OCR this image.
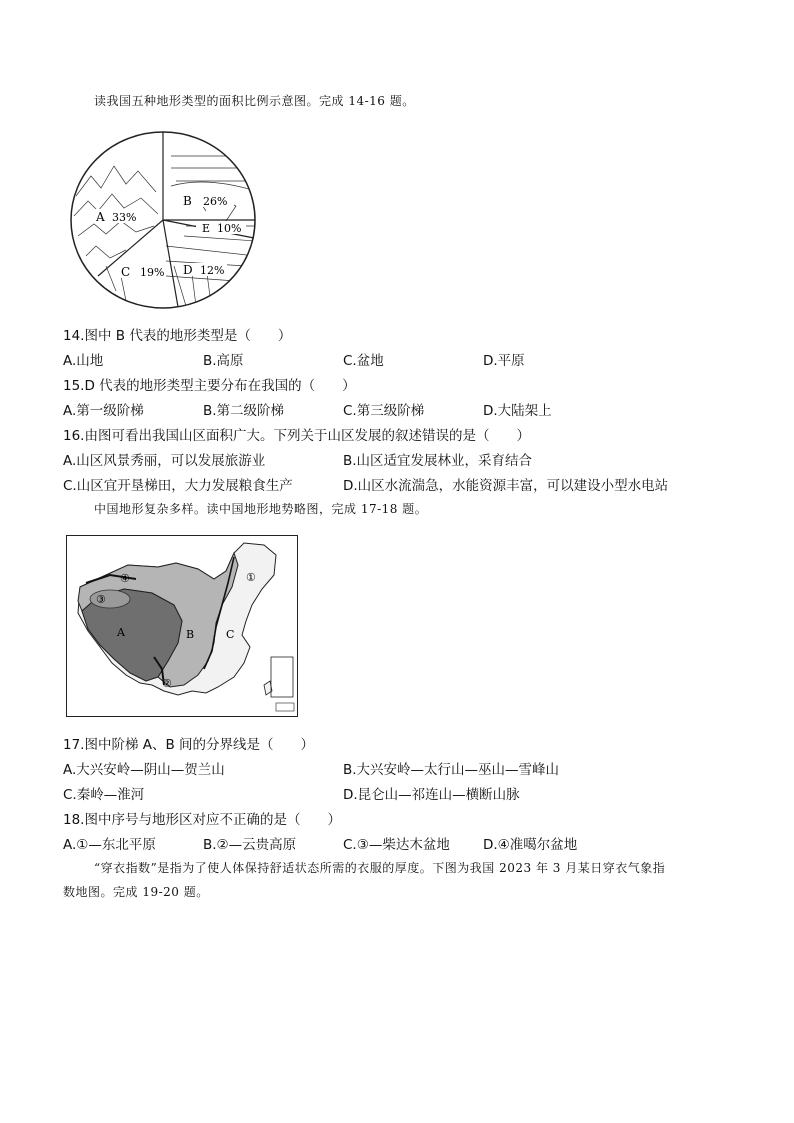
读我国五种地形类型的面积比例示意图。完成 14-16 题。
A 33%
B 26%
E 10%
C 19% D 12%
14.图中 B 代表的地形类型是（　　）
A.山地	B.高原	C.盆地	D.平原
15.D 代表的地形类型主要分布在我国的（　　）
A.第一级阶梯	B.第二级阶梯	C.第三级阶梯	D.大陆架上
16.由图可看出我国山区面积广大。下列关于山区发展的叙述错误的是（　　）
A.山区风景秀丽，可以发展旅游业	B.山区适宜发展林业，采育结合
C.山区宜开垦梯田，大力发展粮食生产	D.山区水流湍急，水能资源丰富，可以建设小型水电站
中国地形复杂多样。读中国地形地势略图，完成 17-18 题。
A	B	C
①
②
③
④
17.图中阶梯 A、B 间的分界线是（　　）
A.大兴安岭—阴山—贺兰山	B.大兴安岭—太行山—巫山—雪峰山
C.秦岭—淮河	D.昆仑山—祁连山—横断山脉
18.图中序号与地形区对应不正确的是（　　）
A.①—东北平原	B.②—云贵高原	C.③—柴达木盆地 D.④准噶尔盆地
“穿衣指数”是指为了使人体保持舒适状态所需的衣服的厚度。下图为我国 2023 年 3 月某日穿衣气象指
数地图。完成 19-20 题。
